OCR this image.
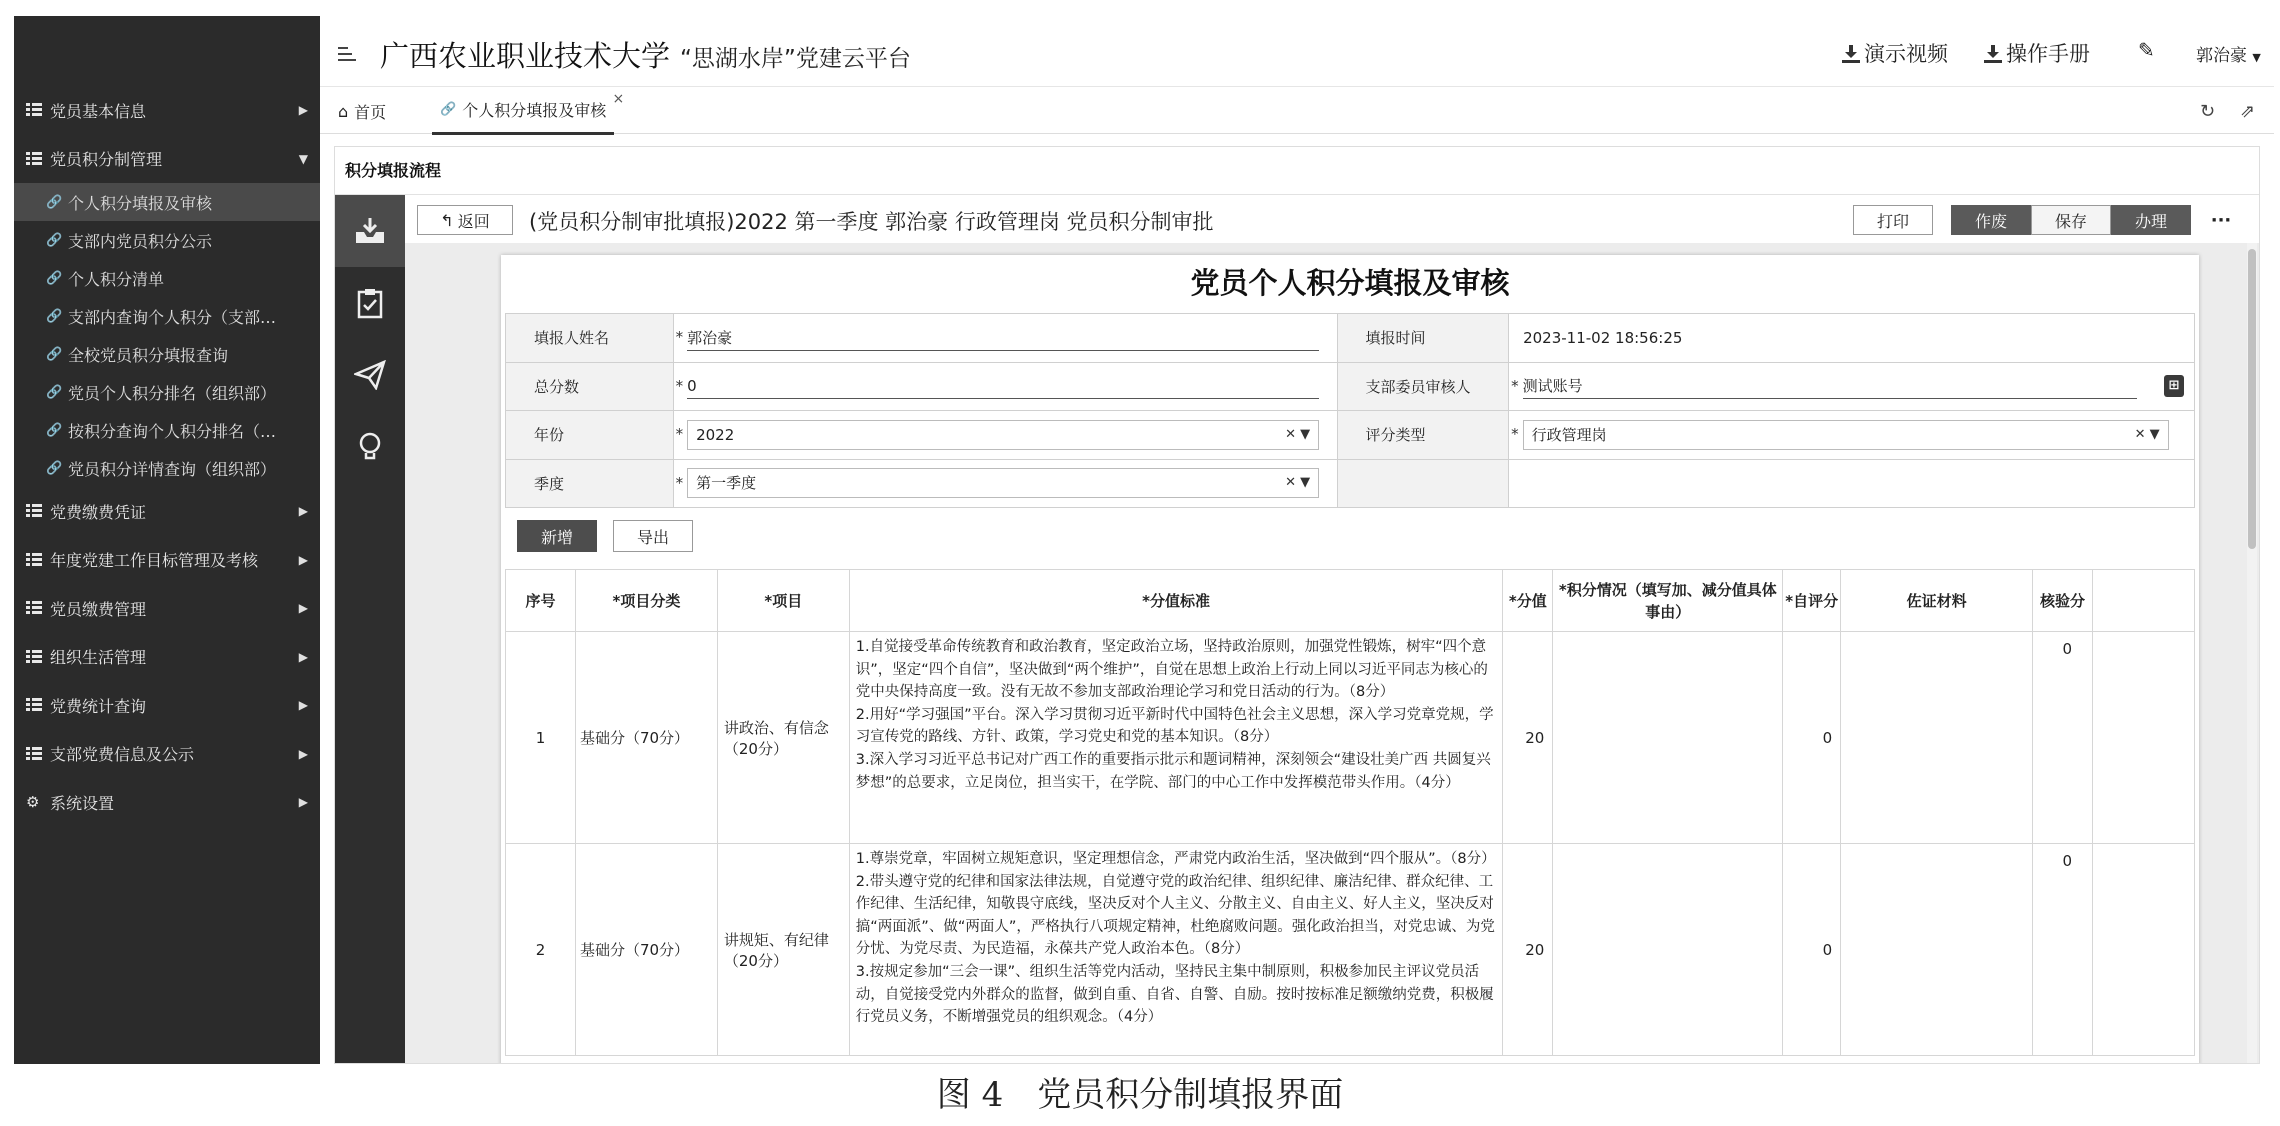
党员基本信息	▶
党员积分制管理	▼
🔗 个人积分填报及审核
🔗 支部内党员积分公示
🔗 个人积分清单
🔗 支部内查询个人积分（支部…
🔗 全校党员积分填报查询
🔗 党员个人积分排名（组织部）
🔗 按积分查询个人积分排名（…
🔗 党员积分详情查询（组织部）
党费缴费凭证	▶
年度党建工作目标管理及考核	▶
党员缴费管理	▶
组织生活管理	▶
党费统计查询	▶
支部党费信息及公示	▶
⚙ 系统设置	▶
广西农业职业技术大学 “思湖水岸”党建云平台	演示视频	操作手册 ✎ 郭治豪 ▼
⌂ 首页	🔗 个人积分填报及审核
×
↻ ⇗
积分填报流程
↰ 返回 (党员积分制审批填报)2022 第一季度 郭治豪 行政管理岗 党员积分制审批	打印	作废	保存	办理	···
党员个人积分填报及审核
填报人姓名	* 郭治豪	填报时间	2023-11-02 18:56:25
总分数	* 0	支部委员审核人	* 测试账号 ⊞

年份	* 2022 ✕ ▼	评分类型	* 行政管理岗 ✕ ▼

季度	* 第一季度 ✕ ▼		

新增	导出
序号	*项目分类	*项目	*分值标准	*分值	*积分情况（填写加、减分值具体事由）	*自评分	佐证材料	核验分	
1	基础分（70分）	讲政治、有信念（20分）	1.自觉接受革命传统教育和政治教育，坚定政治立场，坚持政治原则，加强党性锻炼，树牢“四个意识”，坚定“四个自信”，坚决做到“两个维护”，自觉在思想上政治上行动上同以习近平同志为核心的党中央保持高度一致。没有无故不参加支部政治理论学习和党日活动的行为。（8分）
2.用好“学习强国”平台。深入学习贯彻习近平新时代中国特色社会主义思想，深入学习党章党规，学习宣传党的路线、方针、政策，学习党史和党的基本知识。（8分）
3.深入学习习近平总书记对广西工作的重要指示批示和题词精神，深刻领会“建设壮美广西 共圆复兴梦想”的总要求，立足岗位，担当实干，在学院、部门的中心工作中发挥模范带头作用。（4分）	20		0		0	
2	基础分（70分）	讲规矩、有纪律（20分）	1.尊崇党章，牢固树立规矩意识，坚定理想信念，严肃党内政治生活，坚决做到“四个服从”。（8分）
2.带头遵守党的纪律和国家法律法规，自觉遵守党的政治纪律、组织纪律、廉洁纪律、群众纪律、工作纪律、生活纪律，知敬畏守底线，坚决反对个人主义、分散主义、自由主义、好人主义，坚决反对搞“两面派”、做“两面人”，严格执行八项规定精神，杜绝腐败问题。强化政治担当，对党忠诚、为党分忧、为党尽责、为民造福，永葆共产党人政治本色。（8分）
3.按规定参加“三会一课”、组织生活等党内活动，坚持民主集中制原则，积极参加民主评议党员活动，自觉接受党内外群众的监督，做到自重、自省、自警、自励。按时按标准足额缴纳党费，积极履行党员义务，不断增强党员的组织观念。（4分）	20		0		0	
图 4　党员积分制填报界面
